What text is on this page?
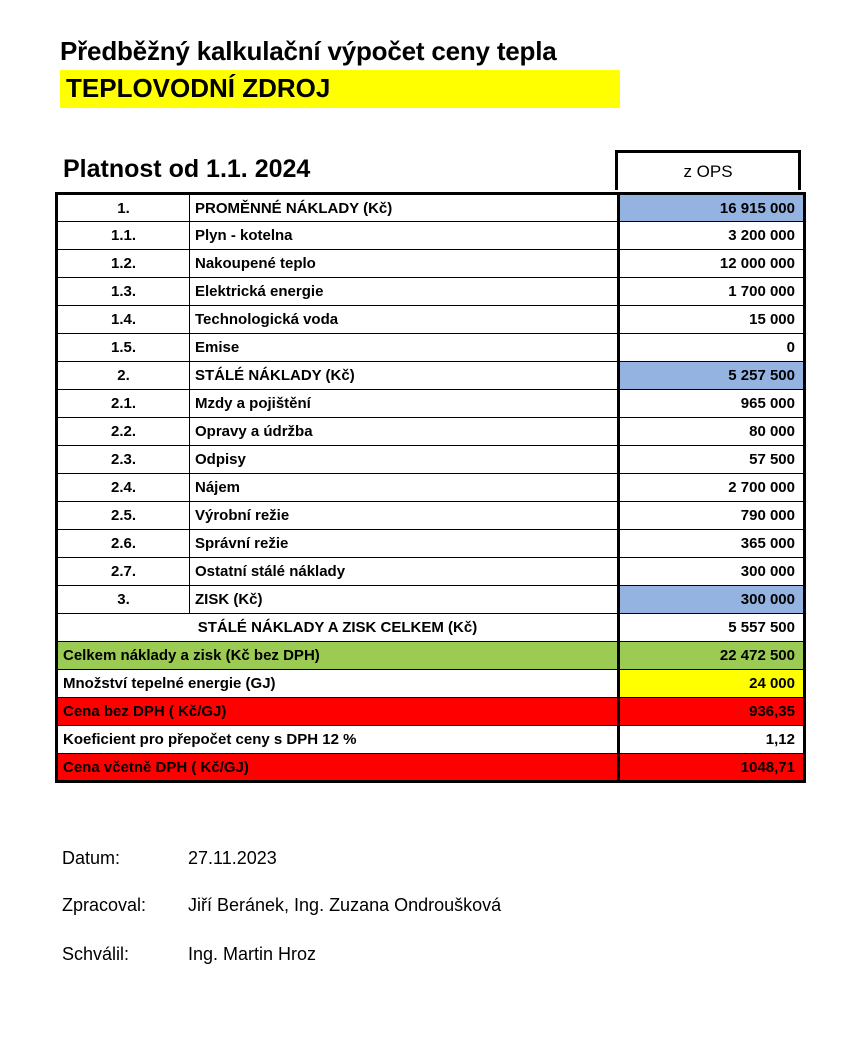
Předběžný kalkulační výpočet ceny tepla
TEPLOVODNÍ ZDROJ
Platnost od 1.1. 2024	z OPS
1.	PROMĚNNÉ NÁKLADY (Kč)	16 915 000
1.1.	Plyn - kotelna	3 200 000
1.2.	Nakoupené teplo	12 000 000
1.3.	Elektrická energie	1 700 000
1.4.	Technologická voda	15 000
1.5.	Emise	0
2.	STÁLÉ NÁKLADY (Kč)	5 257 500
2.1.	Mzdy a pojištění	965 000
2.2.	Opravy a údržba	80 000
2.3.	Odpisy	57 500
2.4.	Nájem	2 700 000
2.5.	Výrobní režie	790 000
2.6.	Správní režie	365 000
2.7.	Ostatní stálé náklady	300 000
3.	ZISK (Kč)	300 000
STÁLÉ NÁKLADY A ZISK CELKEM (Kč)		5 557 500
Celkem náklady a zisk (Kč bez DPH)		22 472 500
Množství tepelné energie (GJ)		24 000
Cena bez DPH ( Kč/GJ)		936,35
Koeficient pro přepočet ceny s DPH 12 %		1,12
Cena včetně DPH ( Kč/GJ)		1048,71
Datum:	27.11.2023
Zpracoval:	Jiří Beránek, Ing. Zuzana Ondroušková
Schválil:	Ing. Martin Hroz
